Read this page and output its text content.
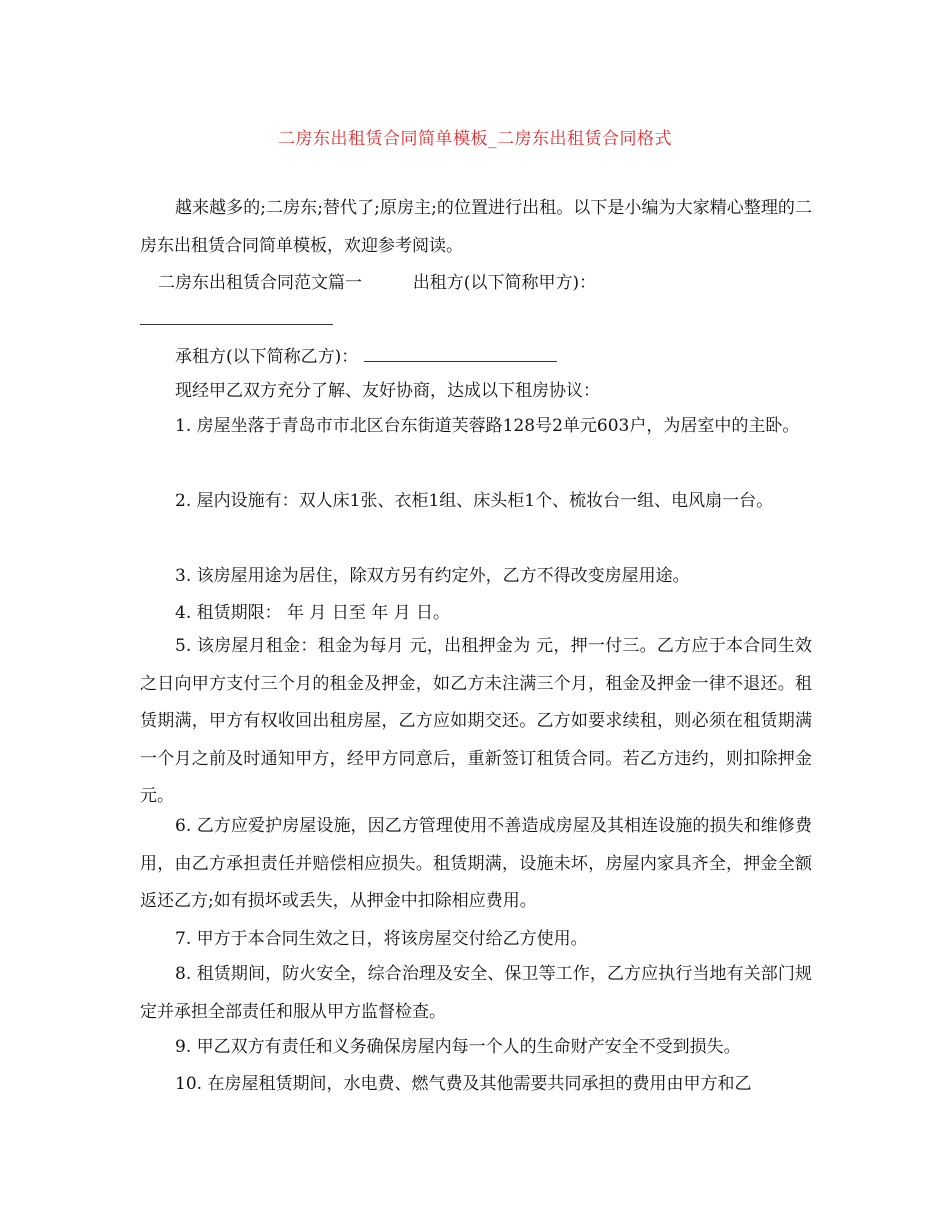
二房东出租赁合同简单模板_二房东出租赁合同格式
越来越多的;二房东;替代了;原房主;的位置进行出租。以下是小编为大家精心整理的二房东出租赁合同简单模板，欢迎参考阅读。
二房东出租赁合同范文篇一	出租方(以下简称甲方)：
承租方(以下简称乙方)：
现经甲乙双方充分了解、友好协商，达成以下租房协议：
1. 房屋坐落于青岛市市北区台东街道芙蓉路128号2单元603户，为居室中的主卧。
2. 屋内设施有：双人床1张、衣柜1组、床头柜1个、梳妆台一组、电风扇一台。
3. 该房屋用途为居住，除双方另有约定外，乙方不得改变房屋用途。
4. 租赁期限： 年 月 日至 年 月 日。
5. 该房屋月租金：租金为每月 元，出租押金为 元，押一付三。乙方应于本合同生效之日向甲方支付三个月的租金及押金，如乙方未注满三个月，租金及押金一律不退还。租赁期满，甲方有权收回出租房屋，乙方应如期交还。乙方如要求续租，则必须在租赁期满一个月之前及时通知甲方，经甲方同意后，重新签订租赁合同。若乙方违约，则扣除押金 元。
6. 乙方应爱护房屋设施，因乙方管理使用不善造成房屋及其相连设施的损失和维修费用，由乙方承担责任并赔偿相应损失。租赁期满，设施未坏，房屋内家具齐全，押金全额返还乙方;如有损坏或丢失，从押金中扣除相应费用。
7. 甲方于本合同生效之日，将该房屋交付给乙方使用。
8. 租赁期间，防火安全，综合治理及安全、保卫等工作，乙方应执行当地有关部门规定并承担全部责任和服从甲方监督检查。
9. 甲乙双方有责任和义务确保房屋内每一个人的生命财产安全不受到损失。
10. 在房屋租赁期间，水电费、燃气费及其他需要共同承担的费用由甲方和乙
